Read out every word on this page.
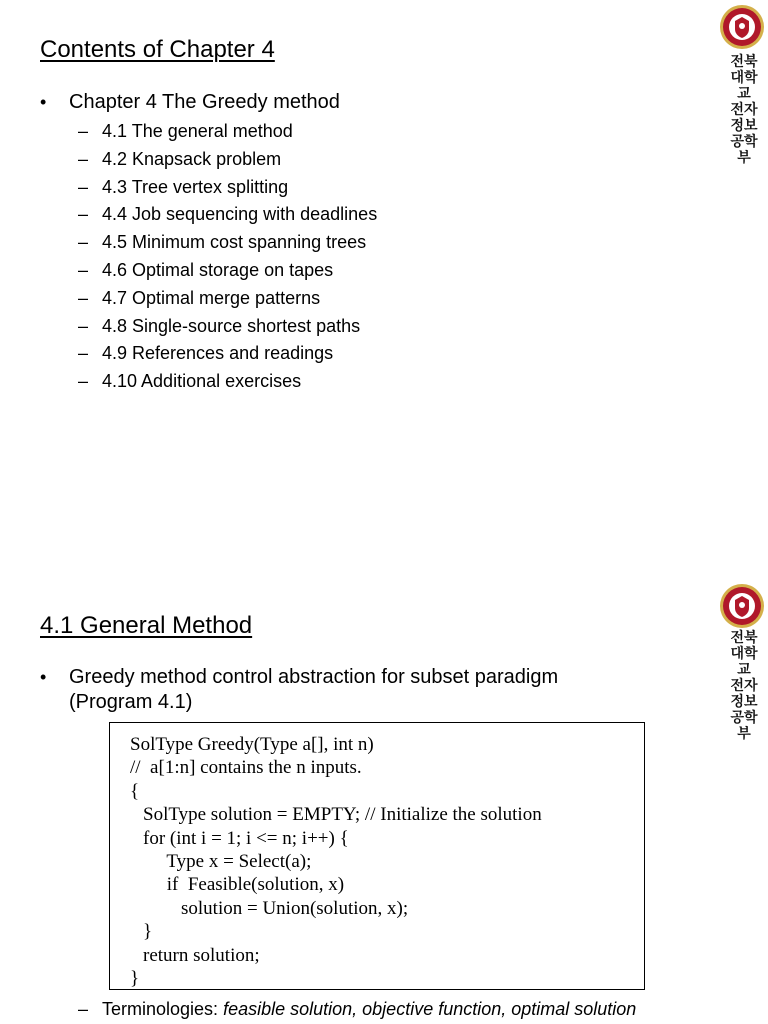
Contents of Chapter 4
• Chapter 4 The Greedy method
– 4.1 The general method
– 4.2 Knapsack problem
– 4.3 Tree vertex splitting
– 4.4 Job sequencing with deadlines
– 4.5 Minimum cost spanning trees
– 4.6 Optimal storage on tapes
– 4.7 Optimal merge patterns
– 4.8 Single-source shortest paths
– 4.9 References and readings
– 4.10 Additional exercises

전북대학교 전자정보공학부

4.1 General Method
• Greedy method control abstraction for subset paradigm
(Program 4.1)
SolType Greedy(Type a[], int n)
//  a[1:n] contains the n inputs.
{
SolType solution = EMPTY; // Initialize the solution
for (int i = 1; i <= n; i++) {
Type x = Select(a);
if  Feasible(solution, x)
solution = Union(solution, x);
}
return solution;
}
– Terminologies: feasible solution, objective function, optimal solution

전북대학교 전자정보공학부
